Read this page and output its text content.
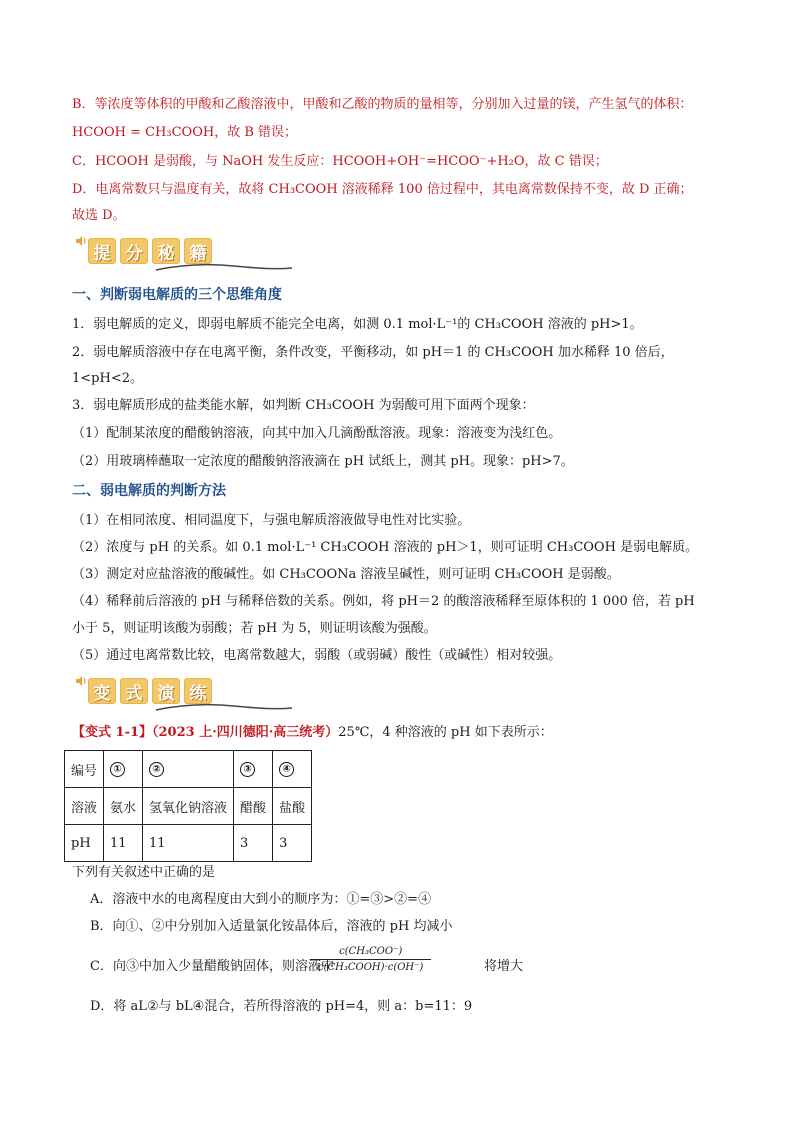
B．等浓度等体积的甲酸和乙酸溶液中，甲酸和乙酸的物质的量相等，分别加入过量的镁，产生氢气的体积：
HCOOH = CH₃COOH，故 B 错误；
C．HCOOH 是弱酸，与 NaOH 发生反应：HCOOH+OH⁻=HCOO⁻+H₂O，故 C 错误；
D．电离常数只与温度有关，故将 CH₃COOH 溶液稀释 100 倍过程中，其电离常数保持不变，故 D 正确；
故选 D。
提 分 秘 籍
一、判断弱电解质的三个思维角度
1．弱电解质的定义，即弱电解质不能完全电离，如测 0.1 mol·L⁻¹的 CH₃COOH 溶液的 pH>1。
2．弱电解质溶液中存在电离平衡，条件改变，平衡移动，如 pH＝1 的 CH₃COOH 加水稀释 10 倍后，
1<pH<2。
3．弱电解质形成的盐类能水解，如判断 CH₃COOH 为弱酸可用下面两个现象：
（1）配制某浓度的醋酸钠溶液，向其中加入几滴酚酞溶液。现象：溶液变为浅红色。
（2）用玻璃棒蘸取一定浓度的醋酸钠溶液滴在 pH 试纸上，测其 pH。现象：pH>7。
二、弱电解质的判断方法
（1）在相同浓度、相同温度下，与强电解质溶液做导电性对比实验。
（2）浓度与 pH 的关系。如 0.1 mol·L⁻¹ CH₃COOH 溶液的 pH＞1，则可证明 CH₃COOH 是弱电解质。
（3）测定对应盐溶液的酸碱性。如 CH₃COONa 溶液呈碱性，则可证明 CH₃COOH 是弱酸。
（4）稀释前后溶液的 pH 与稀释倍数的关系。例如，将 pH＝2 的酸溶液稀释至原体积的 1 000 倍，若 pH
小于 5，则证明该酸为弱酸；若 pH 为 5，则证明该酸为强酸。
（5）通过电离常数比较，电离常数越大，弱酸（或弱碱）酸性（或碱性）相对较强。
变 式 演 练
【变式 1-1】（2023 上·四川德阳·高三统考）25℃，4 种溶液的 pH 如下表所示：
编号	①	②	③	④
溶液	氨水	氢氧化钠溶液	醋酸	盐酸
pH	11	11	3	3
下列有关叙述中正确的是
A．溶液中水的电离程度由大到小的顺序为：①=③>②=④
B．向①、②中分别加入适量氯化铵晶体后，溶液的 pH 均减小
C．向③中加入少量醋酸钠固体，则溶液中
c(CH₃COO⁻)
c(CH₃COOH)·c(OH⁻)	将增大
D．将 aL②与 bL④混合，若所得溶液的 pH=4，则 a：b=11：9
